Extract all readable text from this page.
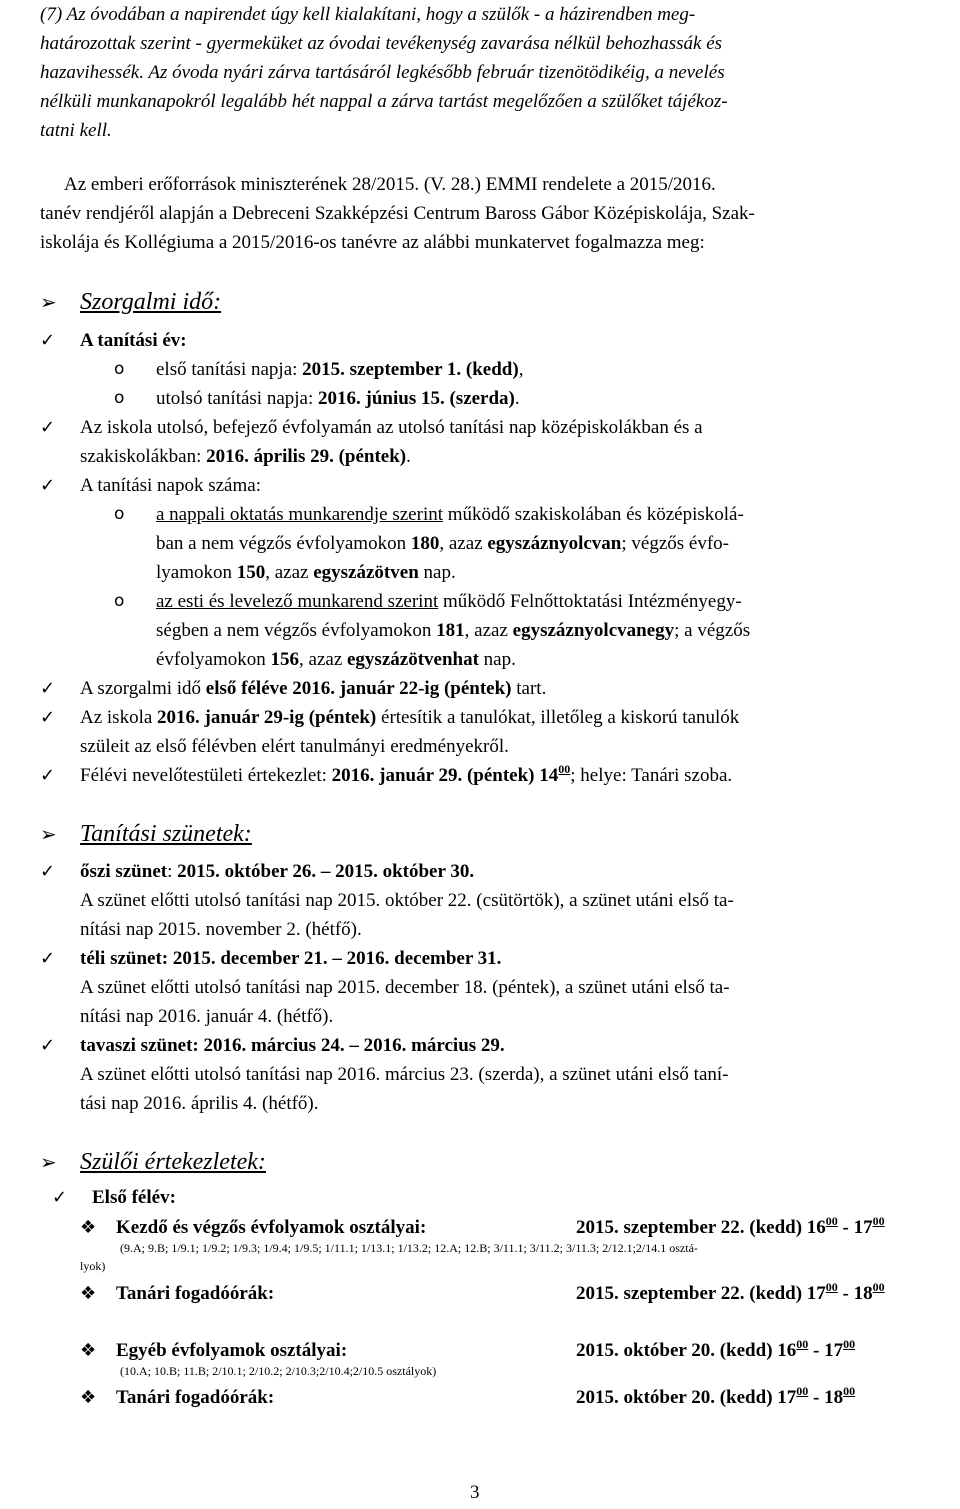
(7) Az óvodában a napirendet úgy kell kialakítani, hogy a szülők - a házirendben meg-

határozottak szerint - gyermeküket az óvodai tevékenység zavarása nélkül behozhassák és

hazavihessék. Az óvoda nyári zárva tartásáról legkésőbb február tizenötödikéig, a nevelés

nélküli munkanapokról legalább hét nappal a zárva tartást megelőzően a szülőket tájékoz-

tatni kell.

Az emberi erőforrások miniszterének 28/2015. (V. 28.) EMMI rendelete a 2015/2016.

tanév rendjéről alapján a Debreceni Szakképzési Centrum Baross Gábor Középiskolája, Szak-

iskolája és Kollégiuma a 2015/2016-os tanévre az alábbi munkatervet fogalmazza meg:

➢ Szorgalmi idő:
✓	A tanítási év:
o	első tanítási napja: 2015. szeptember 1. (kedd),
o	utolsó tanítási napja: 2016. június 15. (szerda).
✓	Az iskola utolsó, befejező évfolyamán az utolsó tanítási nap középiskolákban és a
szakiskolákban: 2016. április 29. (péntek).
✓	A tanítási napok száma:
o	a nappali oktatás munkarendje szerint működő szakiskolában és középiskolá-
ban a nem végzős évfolyamokon 180, azaz egyszáznyolcvan; végzős évfo-
lyamokon 150, azaz egyszázötven nap.
o	az esti és levelező munkarend szerint működő Felnőttoktatási Intézményegy-
ségben a nem végzős évfolyamokon 181, azaz egyszáznyolcvanegy; a végzős
évfolyamokon 156, azaz egyszázötvenhat nap.
✓	A szorgalmi idő első féléve 2016. január 22-ig (péntek) tart.
✓	Az iskola 2016. január 29-ig (péntek) értesítik a tanulókat, illetőleg a kiskorú tanulók
szüleit az első félévben elért tanulmányi eredményekről.
✓	Félévi nevelőtestületi értekezlet: 2016. január 29. (péntek) $14^{00}$; helye: Tanári szoba.
➢ Tanítási szünetek:
✓	őszi szünet: 2015. október 26. – 2015. október 30.
A szünet előtti utolsó tanítási nap 2015. október 22. (csütörtök), a szünet utáni első ta-
nítási nap 2015. november 2. (hétfő).
✓	téli szünet: 2015. december 21. – 2016. december 31.
A szünet előtti utolsó tanítási nap 2015. december 18. (péntek), a szünet utáni első ta-
nítási nap 2016. január 4. (hétfő).
✓	tavaszi szünet: 2016. március 24. – 2016. március 29.
A szünet előtti utolsó tanítási nap 2016. március 23. (szerda), a szünet utáni első taní-
tási nap 2016. április 4. (hétfő).
➢ Szülői értekezletek:
✓	Első félév:
❖	Kezdő és végzős évfolyamok osztályai:	2015. szeptember 22. (kedd) $16^{00} - 17^{00}$
(9.A; 9.B; 1/9.1; 1/9.2; 1/9.3; 1/9.4; 1/9.5; 1/11.1; 1/13.1; 1/13.2; 12.A; 12.B; 3/11.1; 3/11.2; 3/11.3; 2/12.1;2/14.1 osztá-
lyok)
❖	Tanári fogadóórák:	2015. szeptember 22. (kedd) $17^{00} - 18^{00}$
❖	Egyéb évfolyamok osztályai:	2015. október 20. (kedd) $16^{00} - 17^{00}$
(10.A; 10.B; 11.B; 2/10.1; 2/10.2; 2/10.3;2/10.4;2/10.5 osztályok)
❖	Tanári fogadóórák:	2015. október 20. (kedd) $17^{00} - 18^{00}$
3
